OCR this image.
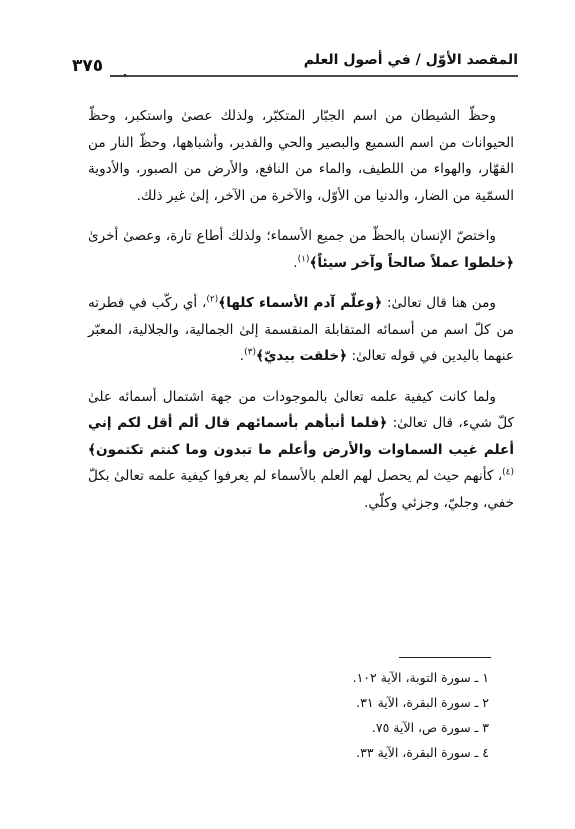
المقصد الأوّل / في أصول العلم
٣٧٥

وحظّ الشيطان من اسم الجبّار المتكبّر، ولذلك عصىٰ واستكبر، وحظّ الحيوانات من اسم السميع والبصير والحي والقدير، وأشباهها، وحظّ النار من القهّار، والهواء من اللطيف، والماء من النافع، والأرض من الصبور، والأدوية السمّية من الضار، والدنيا من الأوّل، والآخرة من الآخر، إلىٰ غير ذلك.

واختصّ الإنسان بالحظّ من جميع الأسماء؛ ولذلك أطاع تارة، وعصىٰ أخرىٰ ﴿خلطوا عملاً صالحاً وآخر سيئاً﴾$^{(١)}$.

ومن هنا قال تعالىٰ: ﴿وعلّم آدم الأسماء كلها﴾$^{(٢)}$، أي ركّب في فطرته من كلّ اسم من أسمائه المتقابلة المنقسمة إلىٰ الجمالية، والجلالية، المعبّر عنهما باليدين في قوله تعالىٰ: ﴿خلقت بيديّ﴾$^{(٣)}$.

ولما كانت كيفية علمه تعالىٰ بالموجودات من جهة اشتمال أسمائه علىٰ كلّ شيء، قال تعالىٰ: ﴿فلما أنبأهم بأسمائهم قال ألم أقل لكم إني أعلم غيب السماوات والأرض وأعلم ما تبدون وما كنتم تكتمون﴾$^{(٤)}$، كأنهم حيث لم يحصل لهم العلم بالأسماء لم يعرفوا كيفية علمه تعالىٰ بكلّ خفي، وجليّ، وجزئي وكلّي.

١ ـ سورة التوبة، الآية ١٠٢.
٢ ـ سورة البقرة، الآية ٣١.
٣ ـ سورة ص، الآية ٧٥.
٤ ـ سورة البقرة، الآية ٣٣.
